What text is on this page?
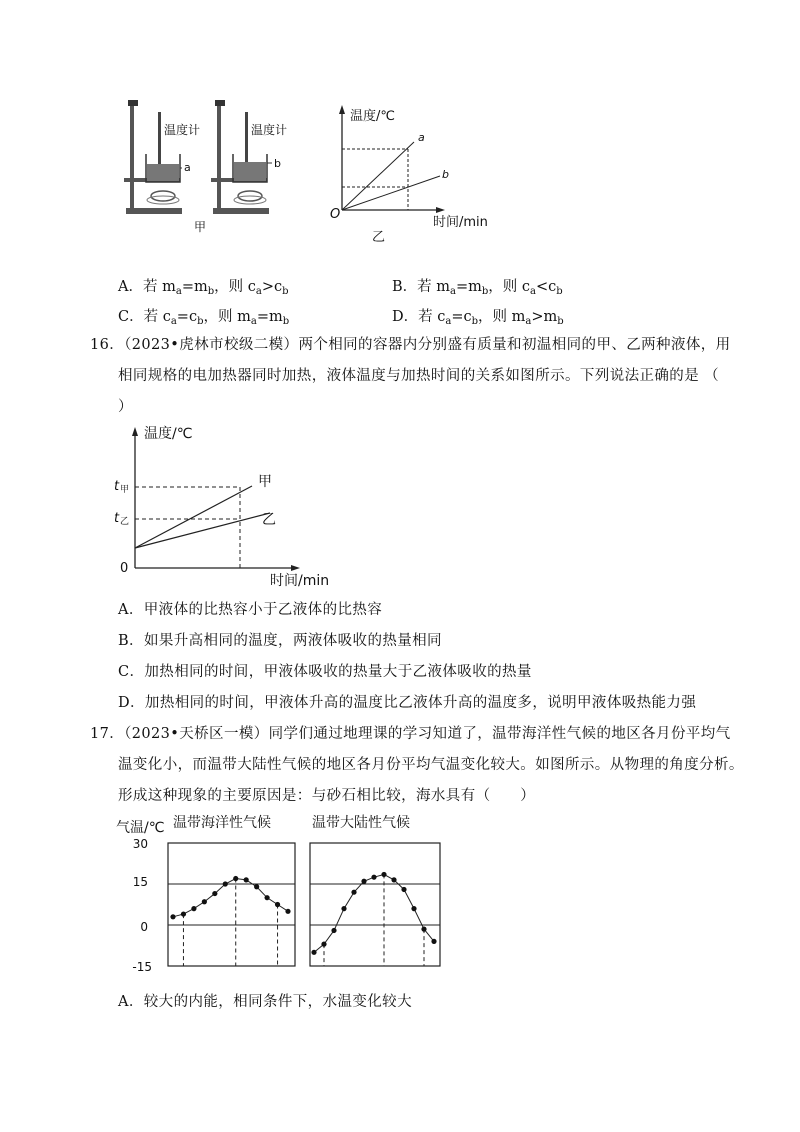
温度计	温度计
a	b
甲
温度/℃
时间/min
O
a
b
乙
A．若 $m_a=m_b$，则 $c_a>c_b$	B．若 $m_a=m_b$，则 $c_a<c_b$
C．若 $c_a=c_b$，则 $m_a=m_b$	D．若 $c_a=c_b$，则 $m_a>m_b$
16．（2023•虎林市校级二模）两个相同的容器内分别盛有质量和初温相同的甲、乙两种液体，用
相同规格的电加热器同时加热，液体温度与加热时间的关系如图所示。下列说法正确的是 （
）
温度/℃
时间/min
0
t 甲
t 乙
甲
乙
A．甲液体的比热容小于乙液体的比热容
B．如果升高相同的温度，两液体吸收的热量相同
C．加热相同的时间，甲液体吸收的热量大于乙液体吸收的热量
D．加热相同的时间，甲液体升高的温度比乙液体升高的温度多，说明甲液体吸热能力强
17．（2023•天桥区一模）同学们通过地理课的学习知道了，温带海洋性气候的地区各月份平均气
温变化小，而温带大陆性气候的地区各月份平均气温变化较大。如图所示。从物理的角度分析。
形成这种现象的主要原因是：与砂石相比较，海水具有（　　）
气温/℃ 温带海洋性气候	温带大陆性气候
30
15
0
-15
A．较大的内能，相同条件下，水温变化较大
